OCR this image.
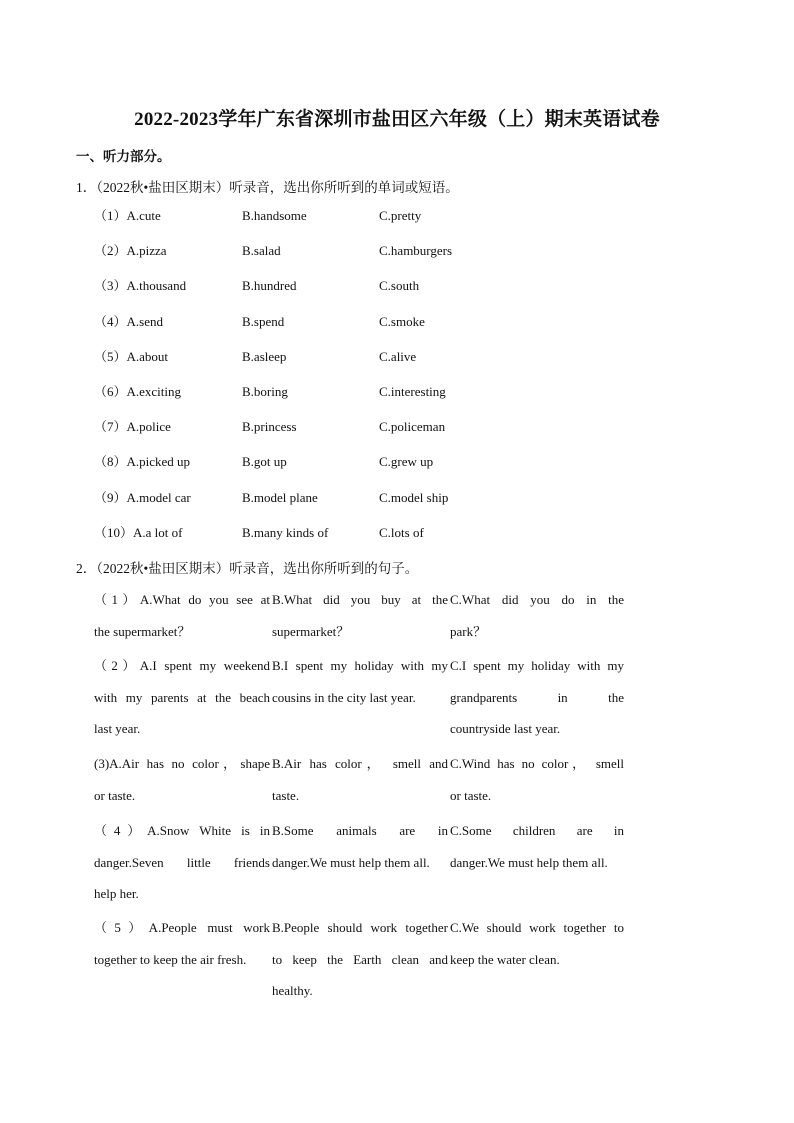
2022-2023学年广东省深圳市盐田区六年级（上）期末英语试卷
一、听力部分。
1．（2022秋•盐田区期末）听录音，选出你所听到的单词或短语。
（1）A.cute	B.handsome	C.pretty
（2）A.pizza	B.salad	C.hamburgers
（3）A.thousand	B.hundred	C.south
（4）A.send	B.spend	C.smoke
（5）A.about	B.asleep	C.alive
（6）A.exciting	B.boring	C.interesting
（7）A.police	B.princess	C.policeman
（8）A.picked up	B.got up	C.grew up
（9）A.model car	B.model plane	C.model ship
（10）A.a lot of	B.many kinds of	C.lots of
2．（2022秋•盐田区期末）听录音，选出你所听到的句子。
（1）A.What do you see at
the supermarket？
B.What did you buy at the
supermarket？
C.What did you do in the
park？
（2）A.I spent my weekend
with my parents at the beach
last year.
B.I spent my holiday with my
cousins in the city last year.
C.I spent my holiday with my
grandparents in the
countryside last year.
(3)A.Air has no color，shape
or taste.
B.Air has color， smell and
taste.
C.Wind has no color， smell
or taste.
（4）A.Snow White is in
danger.Seven little friends
help her.
B.Some animals are in
danger.We must help them all.
C.Some children are in
danger.We must help them all.
（5）A.People must work
together to keep the air fresh.
B.People should work together
to keep the Earth clean and
healthy.
C.We should work together to
keep the water clean.
